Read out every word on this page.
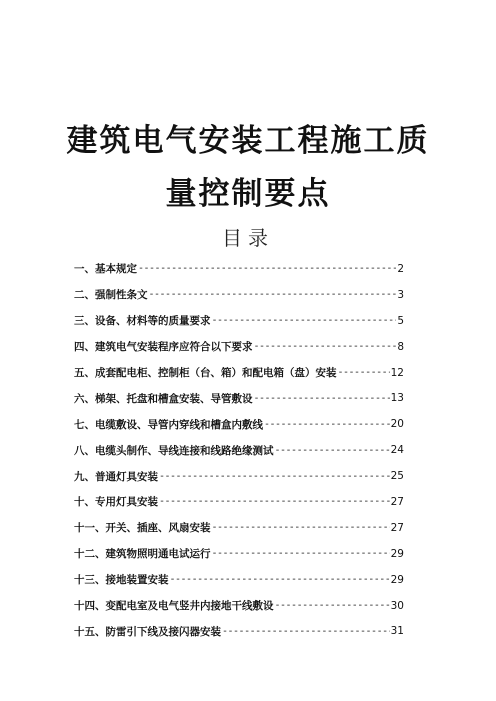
建筑电气安装工程施工质
量控制要点
目录
一、基本规定 -----	2
二、强制性条文 -----	3
三、设备、材料等的质量要求 -----	5
四、建筑电气安装程序应符合以下要求 -----	8
五、成套配电柜、控制柜（台、箱）和配电箱（盘）安装 -----	12
六、梯架、托盘和槽盒安装、导管敷设 -----	13
七、电缆敷设、导管内穿线和槽盒内敷线 -----	20
八、电缆头制作、导线连接和线路绝缘测试 -----	24
九、普通灯具安装 -----	25
十、专用灯具安装 -----	27
十一、开关、插座、风扇安装 -----	27
十二、建筑物照明通电试运行 -----	29
十三、接地装置安装 -----	29
十四、变配电室及电气竖井内接地干线敷设 -----	30
十五、防雷引下线及接闪器安装 -----	31
